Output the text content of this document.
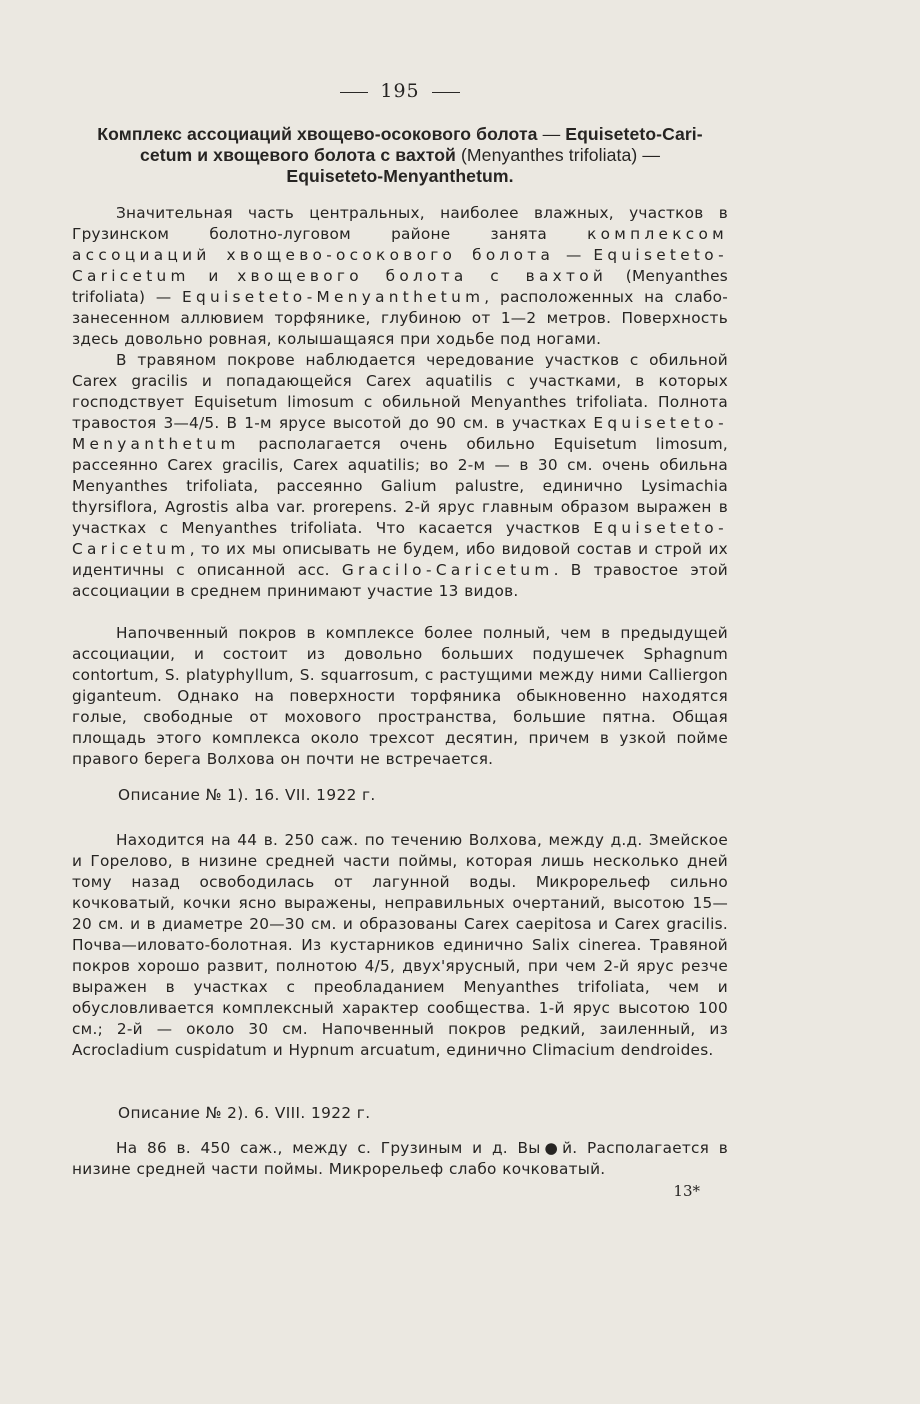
195
Комплекс ассоциаций хвощево-осокового болота — Equiseteto-Cari-
cetum и хвощевого болота с вахтой (Menyanthes trifoliata) —
Equiseteto-Menyanthetum.

Значительная часть центральных, наиболее влажных, участков в Грузинском болотно-луговом районе занята комплексом ассоциаций хвощево-осокового болота — Equiseteto-Caricetum и хвощевого болота с вахтой (Menyanthes trifoliata) — Equiseteto-Menyanthetum, расположенных на слабо-занесенном аллювием торфянике, глубиною от 1—2 метров. Поверхность здесь довольно ровная, колышащаяся при ходьбе под ногами.

В травяном покрове наблюдается чередование участков с обильной Carex gracilis и попадающейся Carex aquatilis с участками, в которых господствует Equisetum limosum с обильной Menyanthes trifoliata. Полнота травостоя 3—4/5. В 1-м ярусе высотой до 90 см. в участках Equiseteto-Menyanthetum располагается очень обильно Equisetum limosum, рассеянно Carex gracilis, Carex aquatilis; во 2-м — в 30 см. очень обильна Menyanthes trifoliata, рассеянно Galium palustre, единично Lysimachia thyrsiflora, Agrostis alba var. prorepens. 2-й ярус главным образом выражен в участках с Menyanthes trifoliata. Что касается участков Equiseteto-Caricetum, то их мы описывать не будем, ибо видовой состав и строй их идентичны с описанной асс. Gracilo-Caricetum. В травостое этой ассоциации в среднем принимают участие 13 видов.

Напочвенный покров в комплексе более полный, чем в предыдущей ассоциации, и состоит из довольно больших подушечек Sphagnum contortum, S. platyphyllum, S. squarrosum, с растущими между ними Calliergon giganteum. Однако на поверхности торфяника обыкновенно находятся голые, свободные от мохового пространства, большие пятна. Общая площадь этого комплекса около трехсот десятин, причем в узкой пойме правого берега Волхова он почти не встречается.

Описание № 1). 16. VII. 1922 г.

Находится на 44 в. 250 саж. по течению Волхова, между д.д. Змейское и Горелово, в низине средней части поймы, которая лишь несколько дней тому назад освободилась от лагунной воды. Микрорельеф сильно кочковатый, кочки ясно выражены, неправильных очертаний, высотою 15—20 см. и в диаметре 20—30 см. и образованы Carex caepitosa и Carex gracilis. Почва—иловато-болотная. Из кустарников единично Salix cinerea. Травяной покров хорошо развит, полнотою 4/5, двух'ярусный, при чем 2-й ярус резче выражен в участках с преобладанием Menyanthes trifoliata, чем и обусловливается комплексный характер сообщества. 1-й ярус высотою 100 см.; 2-й — около 30 см. Напочвенный покров редкий, заиленный, из Acrocladium cuspidatum и Hypnum arcuatum, единично Climacium dendroides.

Описание № 2). 6. VIII. 1922 г.

На 86 в. 450 саж., между с. Грузиным и д. Вы●й. Располагается в низине средней части поймы. Микрорельеф слабо кочковатый.

13*
